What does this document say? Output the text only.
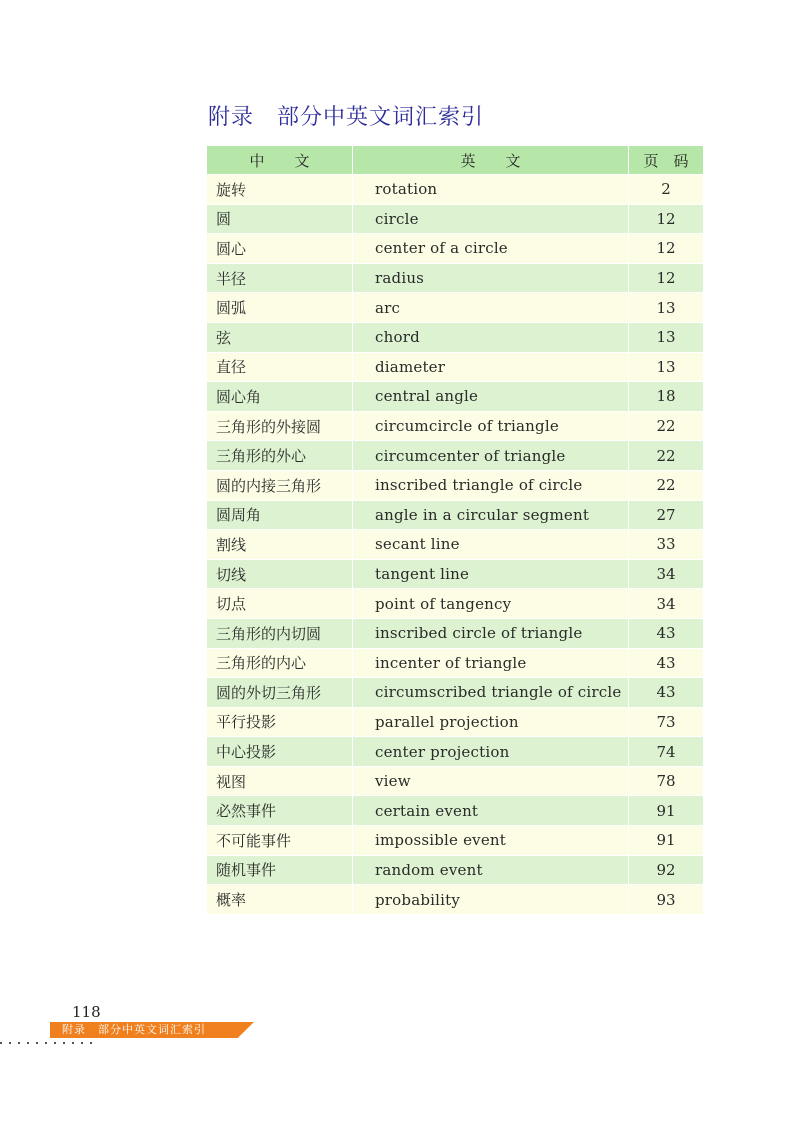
附录　部分中英文词汇索引
中　　文	英　　文	页　码
旋转	rotation	2
圆	circle	12
圆心	center of a circle	12
半径	radius	12
圆弧	arc	13
弦	chord	13
直径	diameter	13
圆心角	central angle	18
三角形的外接圆	circumcircle of triangle	22
三角形的外心	circumcenter of triangle	22
圆的内接三角形	inscribed triangle of circle	22
圆周角	angle in a circular segment	27
割线	secant line	33
切线	tangent line	34
切点	point of tangency	34
三角形的内切圆	inscribed circle of triangle	43
三角形的内心	incenter of triangle	43
圆的外切三角形	circumscribed triangle of circle	43
平行投影	parallel projection	73
中心投影	center projection	74
视图	view	78
必然事件	certain event	91
不可能事件	impossible event	91
随机事件	random event	92
概率	probability	93
118
附录　部分中英文词汇索引
